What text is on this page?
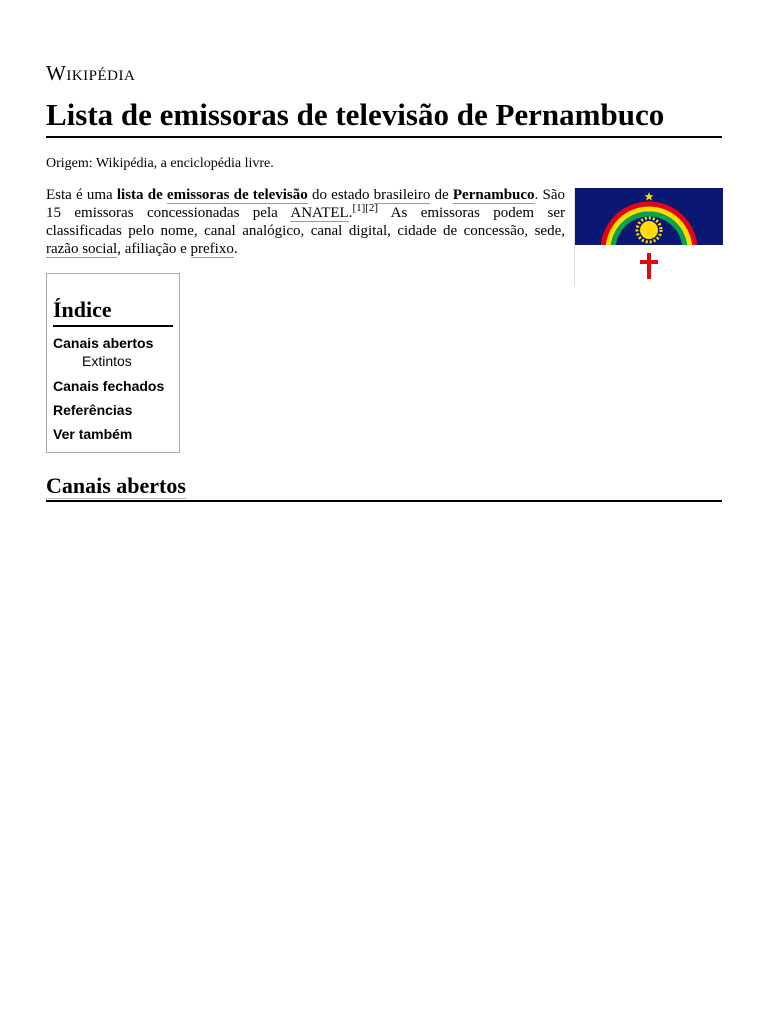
Wikipédia
Lista de emissoras de televisão de Pernambuco
Origem: Wikipédia, a enciclopédia livre.

Esta é uma lista de emissoras de televisão do estado brasileiro de Pernambuco. São 15 emissoras concessionadas pela ANATEL.[1][2] As emissoras podem ser classificadas pelo nome, canal analógico, canal digital, cidade de concessão, sede, razão social, afiliação e prefixo.

Índice
Canais abertos
Extintos
Canais fechados
Referências
Ver também
Canais abertos
